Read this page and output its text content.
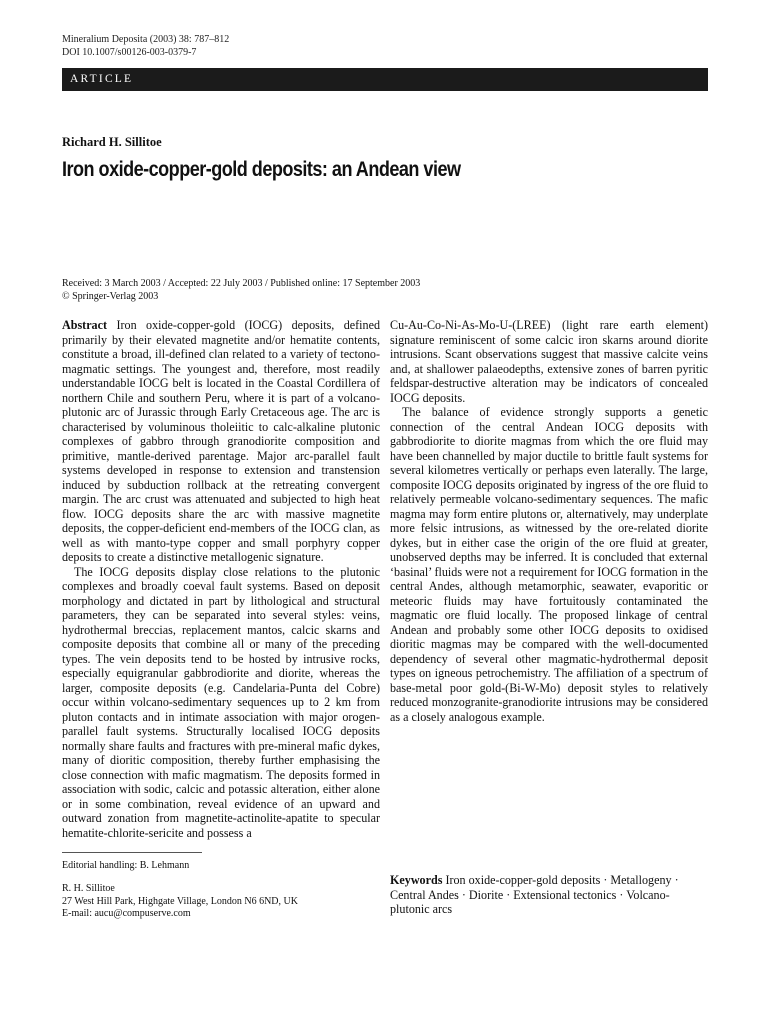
Mineralium Deposita (2003) 38: 787–812
DOI 10.1007/s00126-003-0379-7
ARTICLE
Richard H. Sillitoe
Iron oxide-copper-gold deposits: an Andean view
Received: 3 March 2003 / Accepted: 22 July 2003 / Published online: 17 September 2003
© Springer-Verlag 2003

Abstract Iron oxide-copper-gold (IOCG) deposits, defined primarily by their elevated magnetite and/or hematite contents, constitute a broad, ill-defined clan related to a variety of tectono-magmatic settings. The youngest and, therefore, most readily understandable IOCG belt is located in the Coastal Cordillera of northern Chile and southern Peru, where it is part of a volcano-plutonic arc of Jurassic through Early Cretaceous age. The arc is characterised by voluminous tholeiitic to calc-alkaline plutonic complexes of gabbro through granodiorite composition and primitive, mantle-derived parentage. Major arc-parallel fault systems developed in response to extension and transtension induced by subduction rollback at the retreating convergent margin. The arc crust was attenuated and subjected to high heat flow. IOCG deposits share the arc with massive magnetite deposits, the copper-deficient end-members of the IOCG clan, as well as with manto-type copper and small porphyry copper deposits to create a distinctive metallogenic signature.

The IOCG deposits display close relations to the plutonic complexes and broadly coeval fault systems. Based on deposit morphology and dictated in part by lithological and structural parameters, they can be separated into several styles: veins, hydrothermal breccias, replacement mantos, calcic skarns and composite deposits that combine all or many of the preceding types. The vein deposits tend to be hosted by intrusive rocks, especially equigranular gabbrodiorite and diorite, whereas the larger, composite deposits (e.g. Candelaria-Punta del Cobre) occur within volcano-sedimentary sequences up to 2 km from pluton contacts and in intimate association with major orogen-parallel fault systems. Structurally localised IOCG deposits normally share faults and fractures with pre-mineral mafic dykes, many of dioritic composition, thereby further emphasising the close connection with mafic magmatism. The deposits formed in association with sodic, calcic and potassic alteration, either alone or in some combination, reveal evidence of an upward and outward zonation from magnetite-actinolite-apatite to specular hematite-chlorite-sericite and possess a

Cu-Au-Co-Ni-As-Mo-U-(LREE) (light rare earth element) signature reminiscent of some calcic iron skarns around diorite intrusions. Scant observations suggest that massive calcite veins and, at shallower palaeodepths, extensive zones of barren pyritic feldspar-destructive alteration may be indicators of concealed IOCG deposits.

The balance of evidence strongly supports a genetic connection of the central Andean IOCG deposits with gabbrodiorite to diorite magmas from which the ore fluid may have been channelled by major ductile to brittle fault systems for several kilometres vertically or perhaps even laterally. The large, composite IOCG deposits originated by ingress of the ore fluid to relatively permeable volcano-sedimentary sequences. The mafic magma may form entire plutons or, alternatively, may underplate more felsic intrusions, as witnessed by the ore-related diorite dykes, but in either case the origin of the ore fluid at greater, unobserved depths may be inferred. It is concluded that external ‘basinal’ fluids were not a requirement for IOCG formation in the central Andes, although metamorphic, seawater, evaporitic or meteoric fluids may have fortuitously contaminated the magmatic ore fluid locally. The proposed linkage of central Andean and probably some other IOCG deposits to oxidised dioritic magmas may be compared with the well-documented dependency of several other magmatic-hydrothermal deposit types on igneous petrochemistry. The affiliation of a spectrum of base-metal poor gold-(Bi-W-Mo) deposit styles to relatively reduced monzogranite-granodiorite intrusions may be considered as a closely analogous example.

Editorial handling: B. Lehmann
R. H. Sillitoe
27 West Hill Park, Highgate Village, London N6 6ND, UK
E-mail: aucu@compuserve.com

Keywords Iron oxide-copper-gold deposits · Metallogeny · Central Andes · Diorite · Extensional tectonics · Volcano-plutonic arcs
